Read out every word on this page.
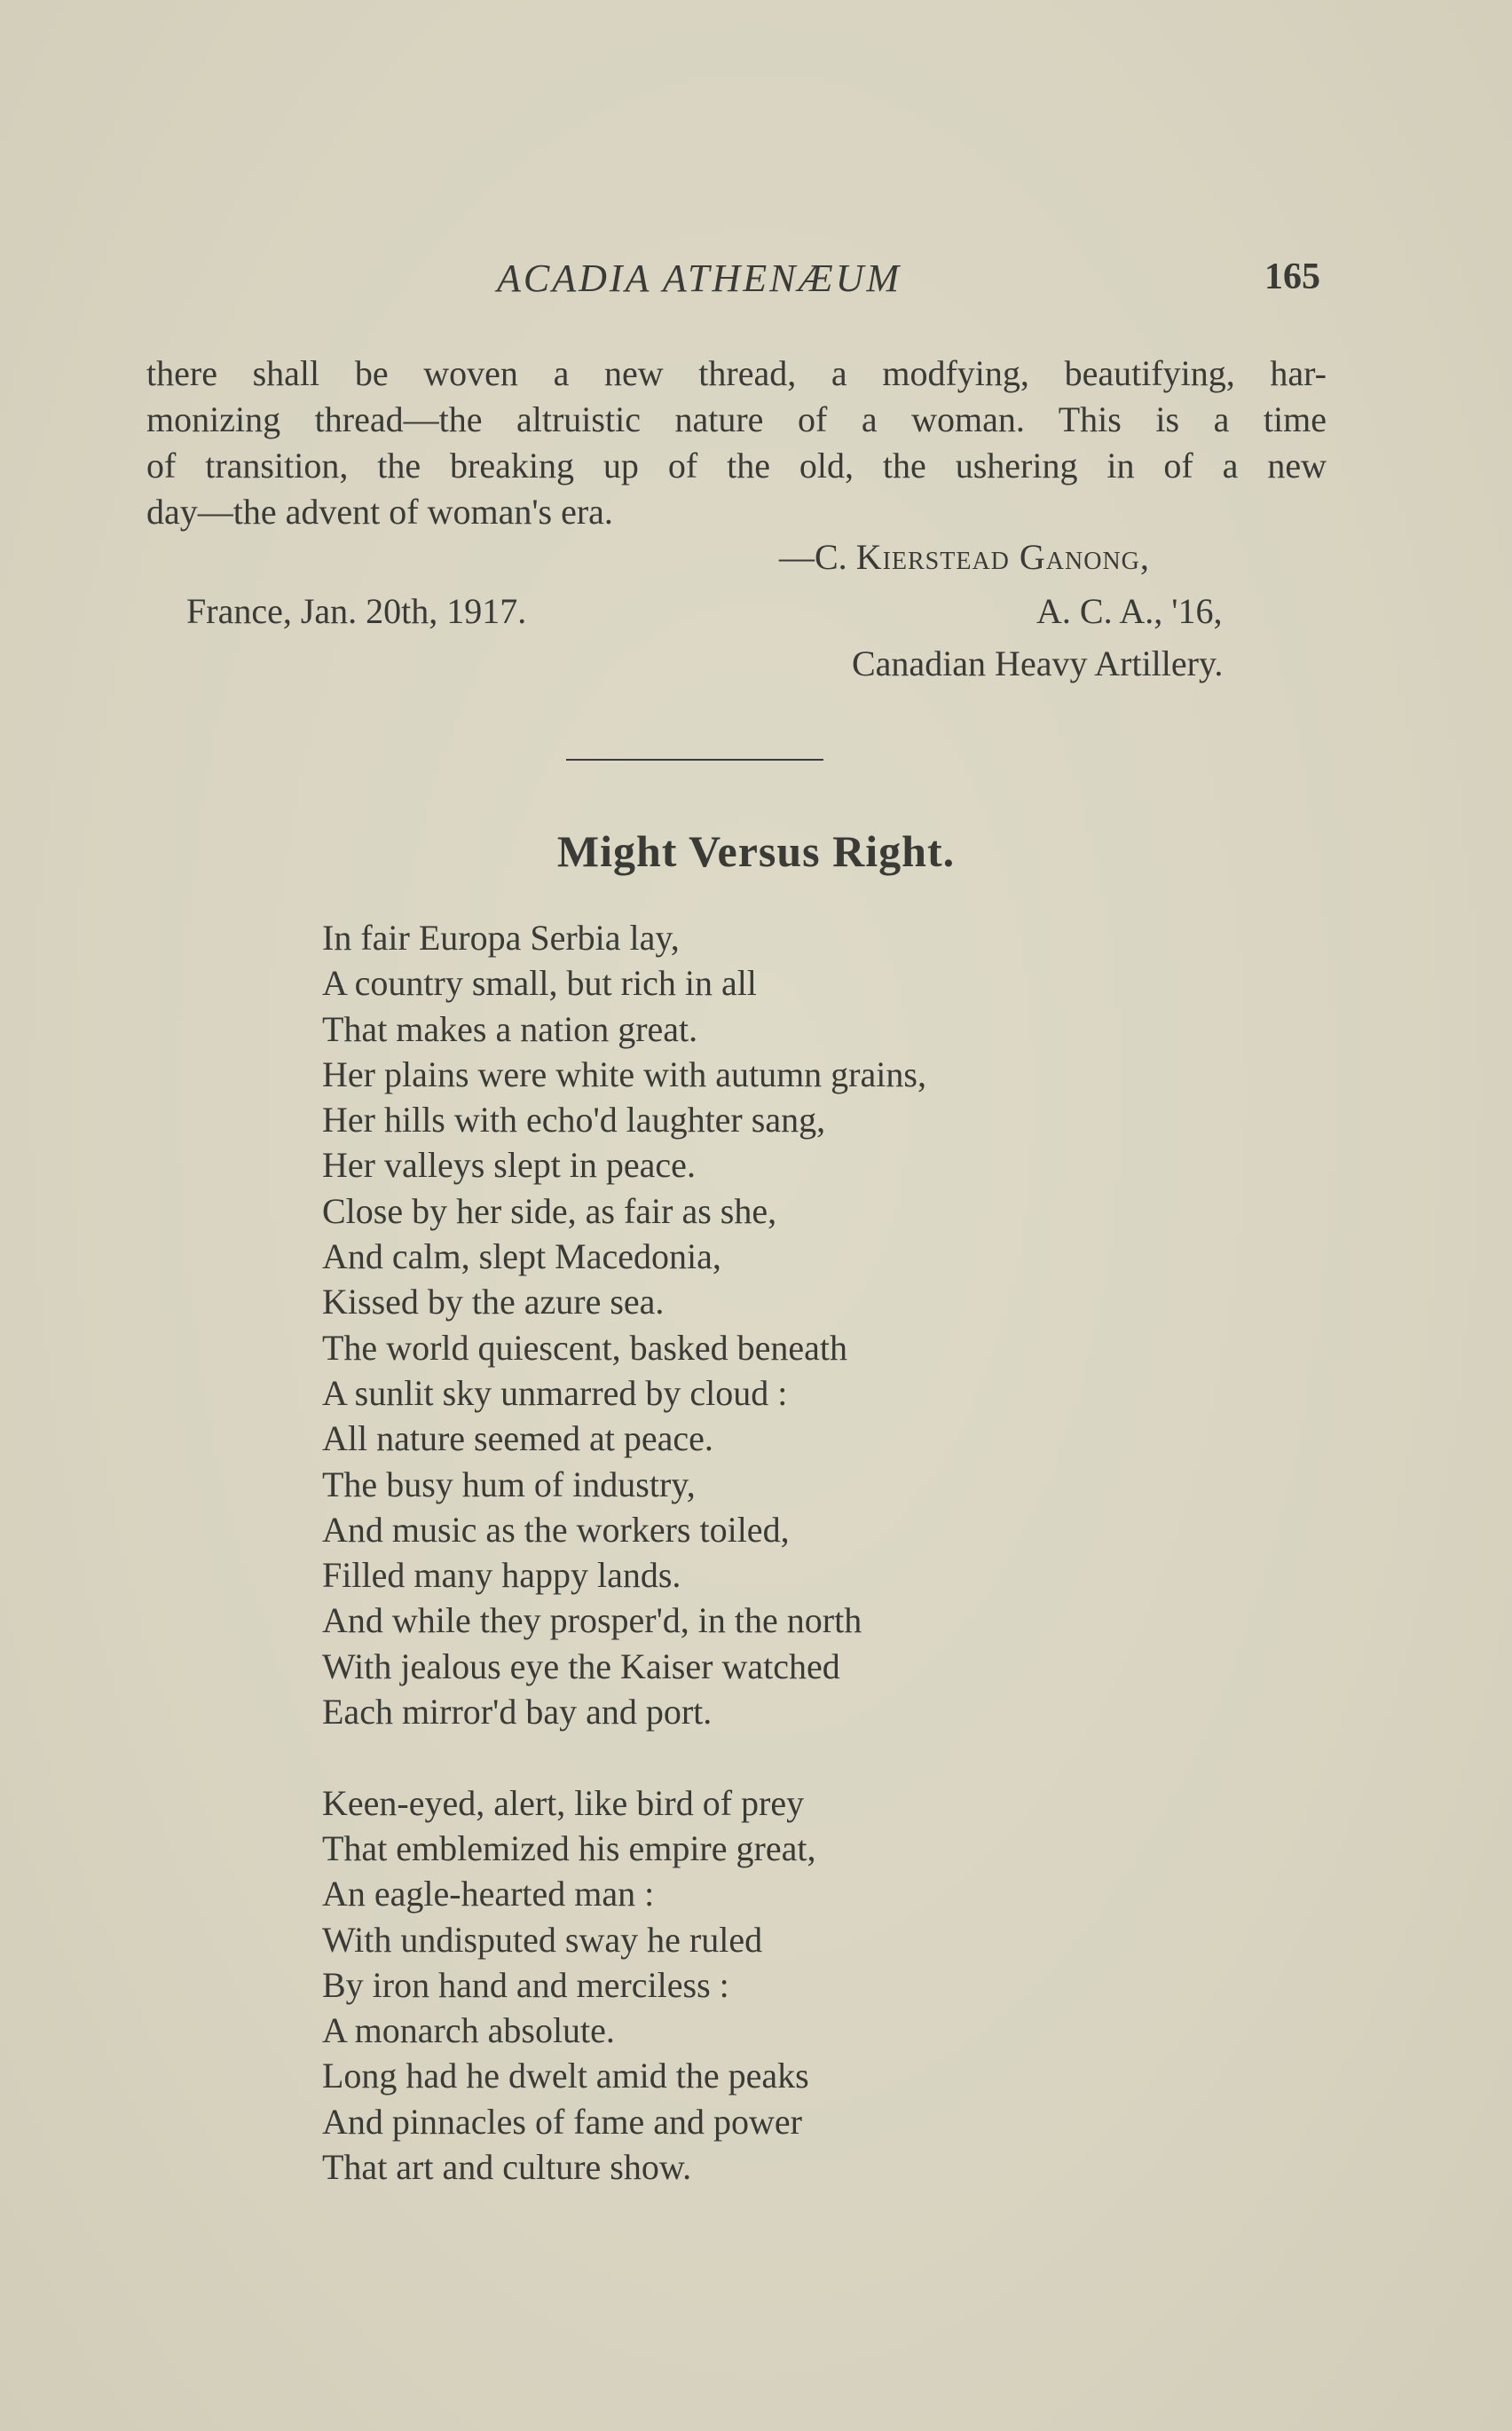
ACADIA ATHENÆUM	165
there shall be woven a new thread, a modfying, beautifying, har-
monizing thread—the altruistic nature of a woman. This is a time
of transition, the breaking up of the old, the ushering in of a new
day—the advent of woman's era.
—C. Kierstead Ganong,
France, Jan. 20th, 1917.	A. C. A., '16,
Canadian Heavy Artillery.
Might Versus Right.
In fair Europa Serbia lay,
A country small, but rich in all
That makes a nation great.
Her plains were white with autumn grains,
Her hills with echo'd laughter sang,
Her valleys slept in peace.
Close by her side, as fair as she,
And calm, slept Macedonia,
Kissed by the azure sea.
The world quiescent, basked beneath
A sunlit sky unmarred by cloud :
All nature seemed at peace.
The busy hum of industry,
And music as the workers toiled,
Filled many happy lands.
And while they prosper'd, in the north
With jealous eye the Kaiser watched
Each mirror'd bay and port.
Keen-eyed, alert, like bird of prey
That emblemized his empire great,
An eagle-hearted man :
With undisputed sway he ruled
By iron hand and merciless :
A monarch absolute.
Long had he dwelt amid the peaks
And pinnacles of fame and power
That art and culture show.
